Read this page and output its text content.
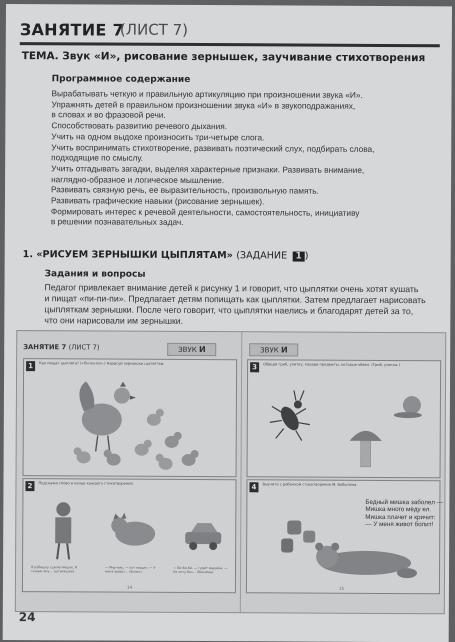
ЗАНЯТИЕ 7
(ЛИСТ 7)
ТЕМА. Звук «И», рисование зернышек, заучивание стихотворения
Программное содержание
Вырабатывать четкую и правильную артикуляцию при произношении звука «И».
Упражнять детей в правильном произношении звука «И» в звукоподражаниях,
в словах и во фразовой речи.
Способствовать развитию речевого дыхания.
Учить на одном выдохе произносить три-четыре слога.
Учить воспринимать стихотворение, развивать поэтический слух, подбирать слова,
подходящие по смыслу.
Учить отгадывать загадки, выделяя характерные признаки. Развивать внимание,
наглядно-образное и логическое мышление.
Развивать связную речь, ее выразительность, произвольную память.
Развивать графические навыки (рисование зернышек).
Формировать интерес к речевой деятельности, самостоятельность, инициативу
в решении познавательных задач.
1. «РИСУЕМ ЗЕРНЫШКИ ЦЫПЛЯТАМ» (ЗАДАНИЕ 1 )
Задания и вопросы
Педагог привлекает внимание детей к рисунку 1 и говорит, что цыплятки очень хотят кушать
и пищат «пи-пи-пи». Предлагает детям попищать как цыплятки. Затем предлагает нарисовать
цыпляткам зернышки. После чего говорит, что цыплятки наелись и благодарят детей за то,
что они нарисовали им зернышки.
ЗАНЯТИЕ 7 (ЛИСТ 7)	ЗВУК И	ЗВУК И
1	Как пищат цыплята? («Пи-пи-пи».) Нарисуй зернышки цыплятам.
2	Подскажи слово в конце каждого стихотворения.
Я рубашку сшила мишке, Я сошью ему… (штанишки).
— Мяу-мяу, — кот пищит, — У меня живот… (болит).
— Би-би-би, — гудит машина, — Не хочу без… (бензина).
14
3	Обведи гриб, улитку. Назови предметы, которые обвел. (Гриб, улитка.)
4	Выучите с ребенком стихотворение М. Бобылина.
Бедный мишка заболел —
Мишка много мёду ел.
Мишка плачет и кричит:
— У меня живот болит!
15
24
